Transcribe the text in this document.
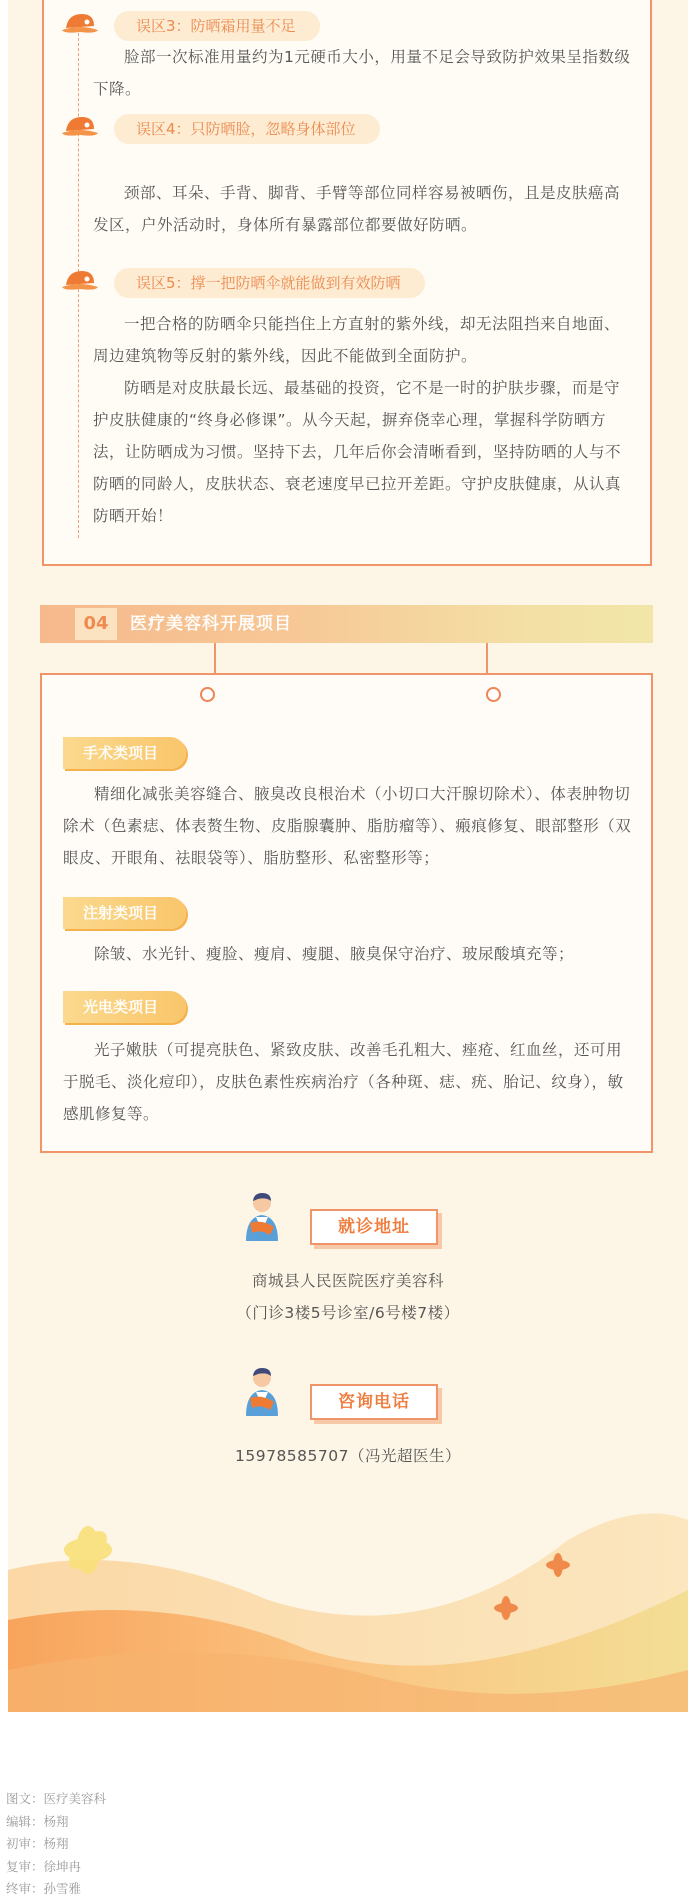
误区3：防晒霜用量不足
脸部一次标准用量约为1元硬币大小，用量不足会导致防护效果呈指数级下降。
误区4：只防晒脸，忽略身体部位
颈部、耳朵、手背、脚背、手臂等部位同样容易被晒伤，且是皮肤癌高发区，户外活动时，身体所有暴露部位都要做好防晒。
误区5：撑一把防晒伞就能做到有效防晒
一把合格的防晒伞只能挡住上方直射的紫外线，却无法阻挡来自地面、周边建筑物等反射的紫外线，因此不能做到全面防护。
防晒是对皮肤最长远、最基础的投资，它不是一时的护肤步骤，而是守护皮肤健康的“终身必修课”。从今天起，摒弃侥幸心理，掌握科学防晒方法，让防晒成为习惯。坚持下去，几年后你会清晰看到，坚持防晒的人与不防晒的同龄人，皮肤状态、衰老速度早已拉开差距。守护皮肤健康，从认真防晒开始！
04	医疗美容科开展项目
手术类项目
精细化减张美容缝合、腋臭改良根治术（小切口大汗腺切除术）、体表肿物切除术（色素痣、体表赘生物、皮脂腺囊肿、脂肪瘤等）、瘢痕修复、眼部整形（双眼皮、开眼角、祛眼袋等）、脂肪整形、私密整形等；
注射类项目
除皱、水光针、瘦脸、瘦肩、瘦腿、腋臭保守治疗、玻尿酸填充等；
光电类项目
光子嫩肤（可提亮肤色、紧致皮肤、改善毛孔粗大、痤疮、红血丝，还可用于脱毛、淡化痘印），皮肤色素性疾病治疗（各种斑、痣、疣、胎记、纹身），敏感肌修复等。
就诊地址
商城县人民医院医疗美容科
（门诊3楼5号诊室/6号楼7楼）
咨询电话
15978585707（冯光超医生）
图文：医疗美容科
编辑：杨翔
初审：杨翔
复审：徐坤冉
终审：孙雪雅
